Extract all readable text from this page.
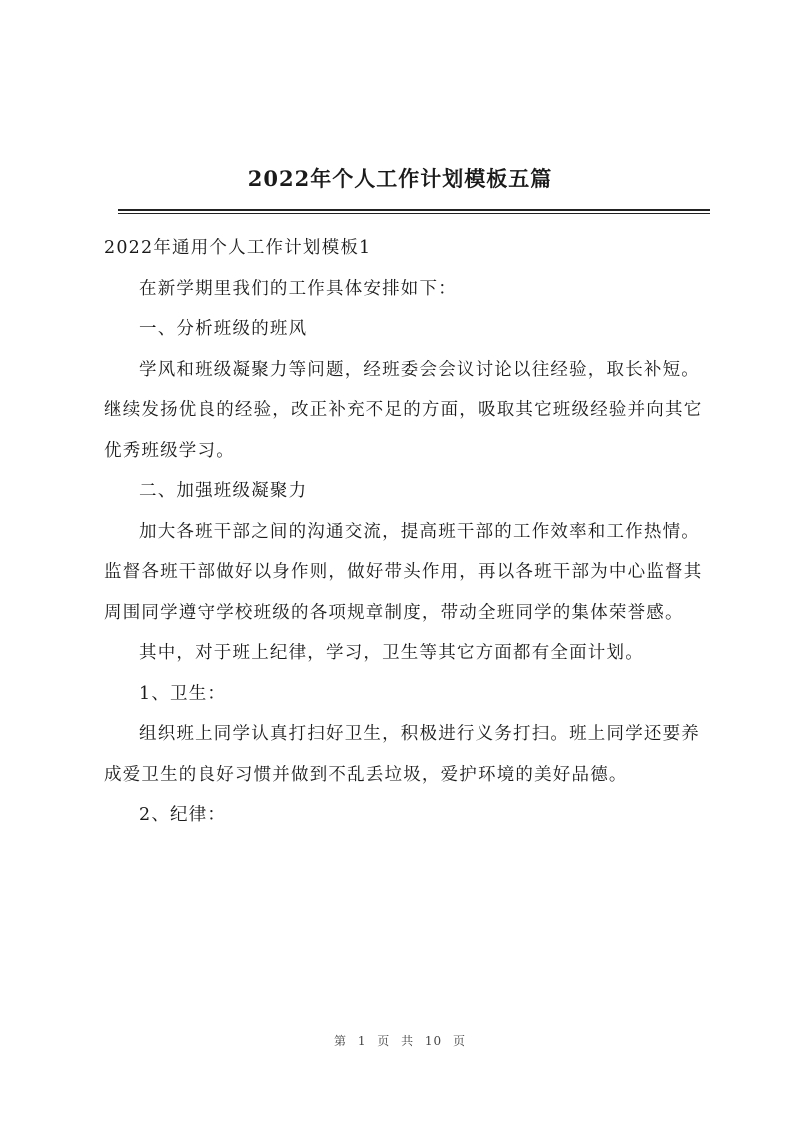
2022年个人工作计划模板五篇

2022年通用个人工作计划模板1

在新学期里我们的工作具体安排如下：

一、分析班级的班风

学风和班级凝聚力等问题，经班委会会议讨论以往经验，取长补短。继续发扬优良的经验，改正补充不足的方面，吸取其它班级经验并向其它优秀班级学习。

二、加强班级凝聚力

加大各班干部之间的沟通交流，提高班干部的工作效率和工作热情。监督各班干部做好以身作则，做好带头作用，再以各班干部为中心监督其周围同学遵守学校班级的各项规章制度，带动全班同学的集体荣誉感。

其中，对于班上纪律，学习，卫生等其它方面都有全面计划。

1、卫生：

组织班上同学认真打扫好卫生，积极进行义务打扫。班上同学还要养成爱卫生的良好习惯并做到不乱丢垃圾，爱护环境的美好品德。

2、纪律：

第 1 页 共 10 页
